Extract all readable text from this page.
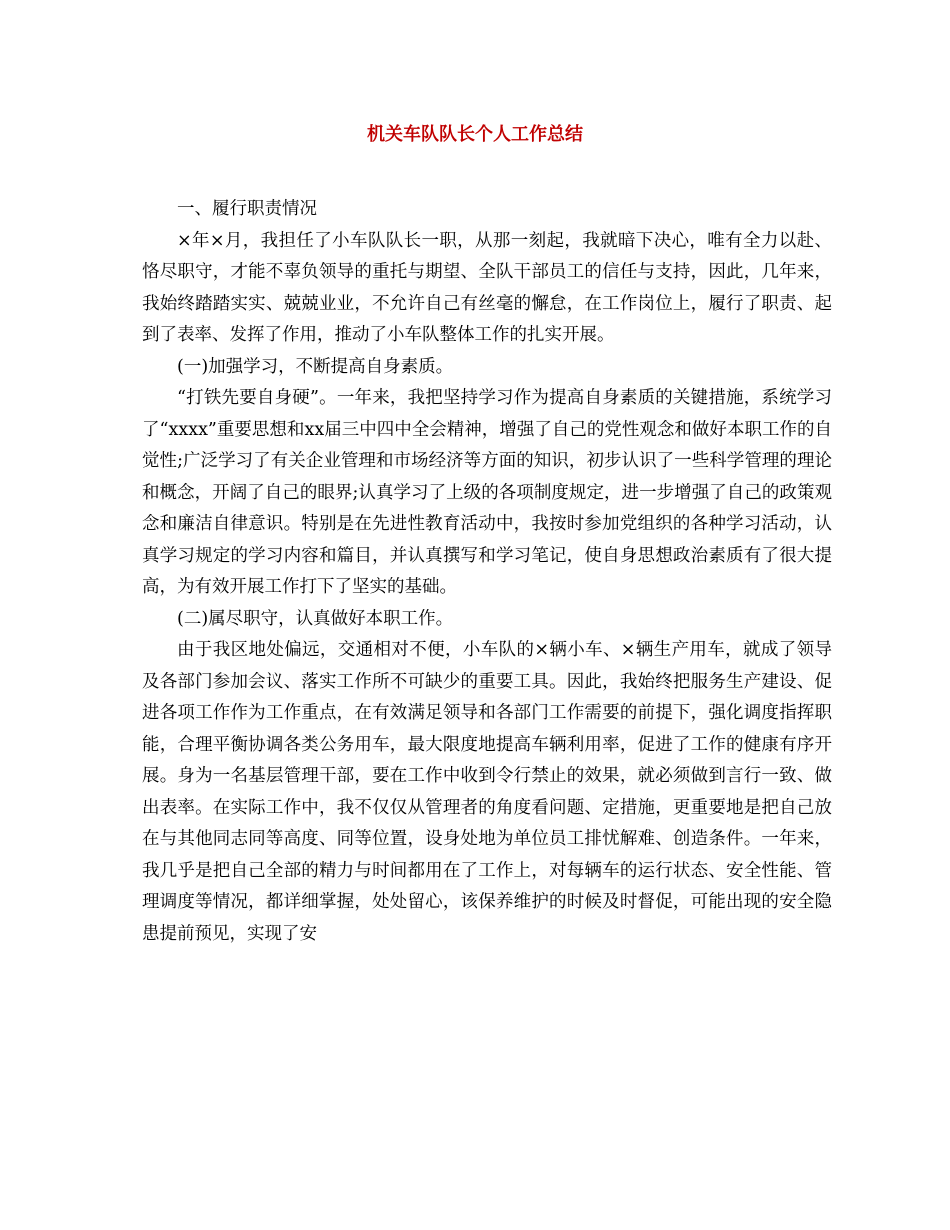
机关车队队长个人工作总结

一、履行职责情况

×年×月，我担任了小车队队长一职，从那一刻起，我就暗下决心，唯有全力以赴、恪尽职守，才能不辜负领导的重托与期望、全队干部员工的信任与支持，因此，几年来，我始终踏踏实实、兢兢业业，不允许自己有丝毫的懈怠，在工作岗位上，履行了职责、起到了表率、发挥了作用，推动了小车队整体工作的扎实开展。

(一)加强学习，不断提高自身素质。

“打铁先要自身硬”。一年来，我把坚持学习作为提高自身素质的关键措施，系统学习了“xxxx”重要思想和xx届三中四中全会精神，增强了自己的党性观念和做好本职工作的自觉性;广泛学习了有关企业管理和市场经济等方面的知识，初步认识了一些科学管理的理论和概念，开阔了自己的眼界;认真学习了上级的各项制度规定，进一步增强了自己的政策观念和廉洁自律意识。特别是在先进性教育活动中，我按时参加党组织的各种学习活动，认真学习规定的学习内容和篇目，并认真撰写和学习笔记，使自身思想政治素质有了很大提高，为有效开展工作打下了坚实的基础。

(二)属尽职守，认真做好本职工作。

由于我区地处偏远，交通相对不便，小车队的×辆小车、×辆生产用车，就成了领导及各部门参加会议、落实工作所不可缺少的重要工具。因此，我始终把服务生产建设、促进各项工作作为工作重点，在有效满足领导和各部门工作需要的前提下，强化调度指挥职能，合理平衡协调各类公务用车，最大限度地提高车辆利用率，促进了工作的健康有序开展。身为一名基层管理干部，要在工作中收到令行禁止的效果，就必须做到言行一致、做出表率。在实际工作中，我不仅仅从管理者的角度看问题、定措施，更重要地是把自己放在与其他同志同等高度、同等位置，设身处地为单位员工排忧解难、创造条件。一年来，我几乎是把自己全部的精力与时间都用在了工作上，对每辆车的运行状态、安全性能、管理调度等情况，都详细掌握，处处留心，该保养维护的时候及时督促，可能出现的安全隐患提前预见，实现了安
